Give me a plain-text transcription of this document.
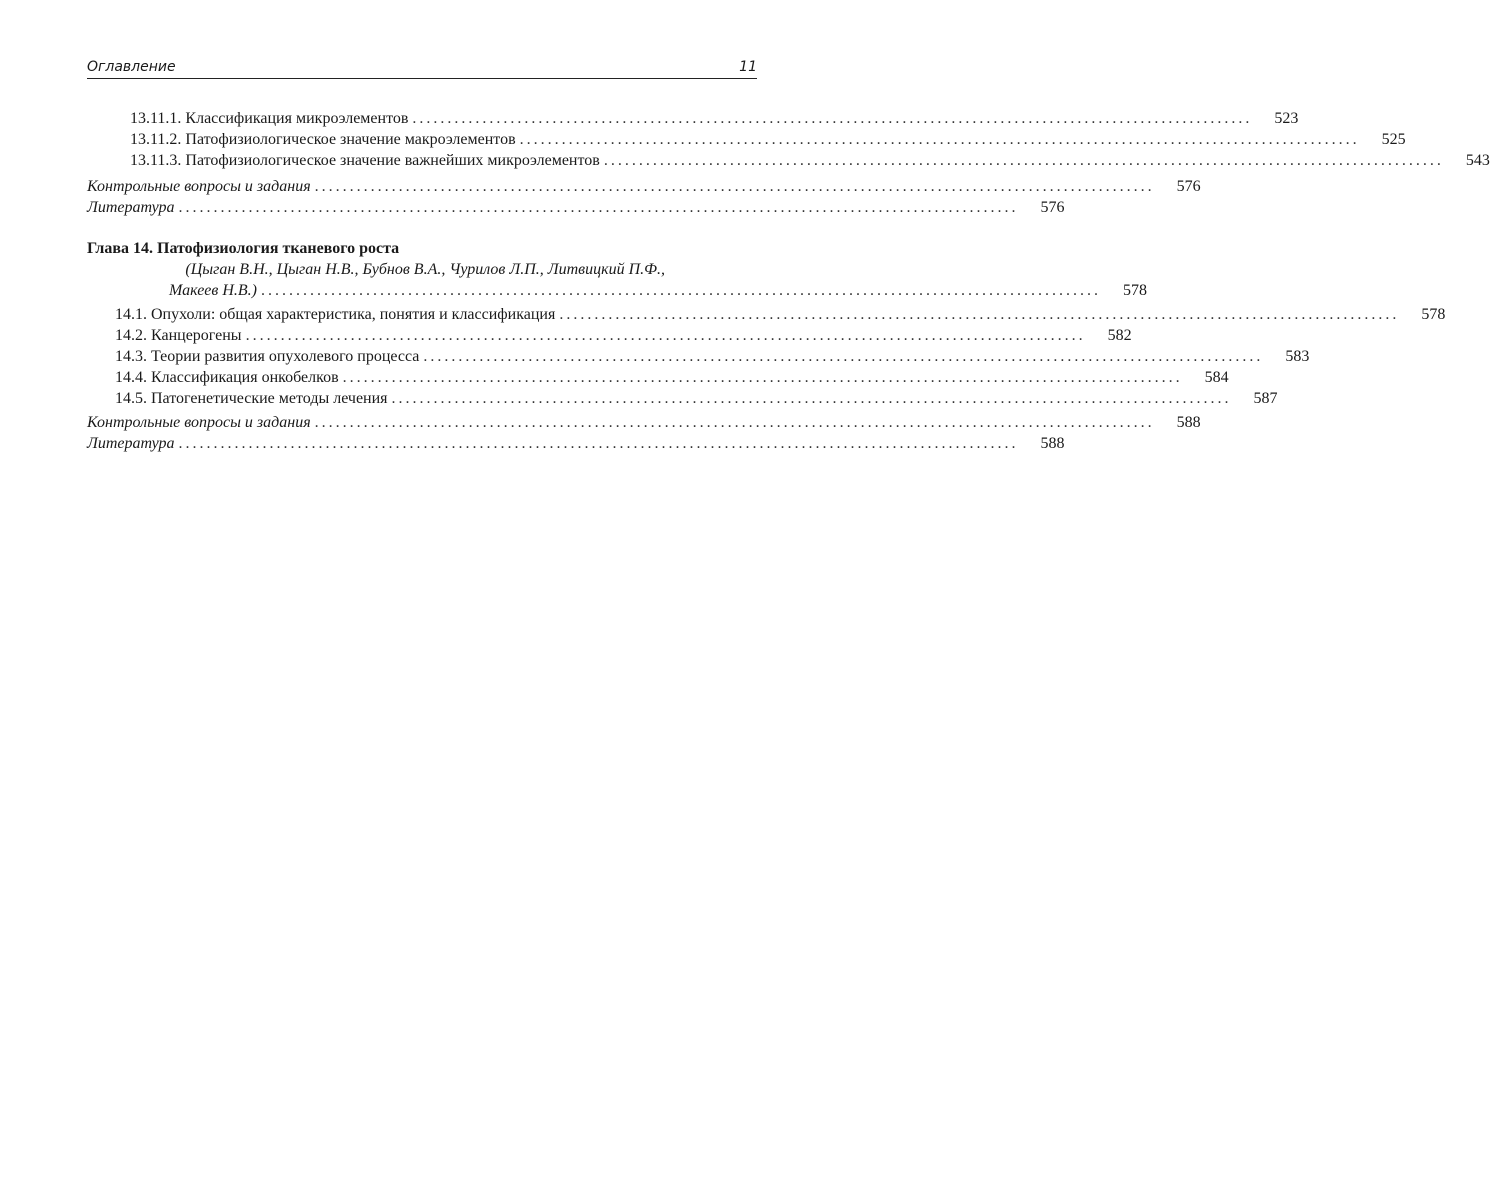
Оглавление	11
13.11.1. Классификация микроэлементов ........................................................................................................................	523
13.11.2. Патофизиологическое значение макроэлементов ........................................................................................................................	525
13.11.3. Патофизиологическое значение важнейших микроэлементов ........................................................................................................................	543
Контрольные вопросы и задания ........................................................................................................................	576
Литература ........................................................................................................................	576
Глава 14. Патофизиология тканевого роста
(Цыган В.Н., Цыган Н.В., Бубнов В.А., Чурилов Л.П., Литвицкий П.Ф.,
Макеев Н.В.) ........................................................................................................................	578
14.1. Опухоли: общая характеристика, понятия и классификация ........................................................................................................................	578
14.2. Канцерогены ........................................................................................................................	582
14.3. Теории развития опухолевого процесса ........................................................................................................................	583
14.4. Классификация онкобелков ........................................................................................................................	584
14.5. Патогенетические методы лечения ........................................................................................................................	587
Контрольные вопросы и задания ........................................................................................................................	588
Литература ........................................................................................................................	588
